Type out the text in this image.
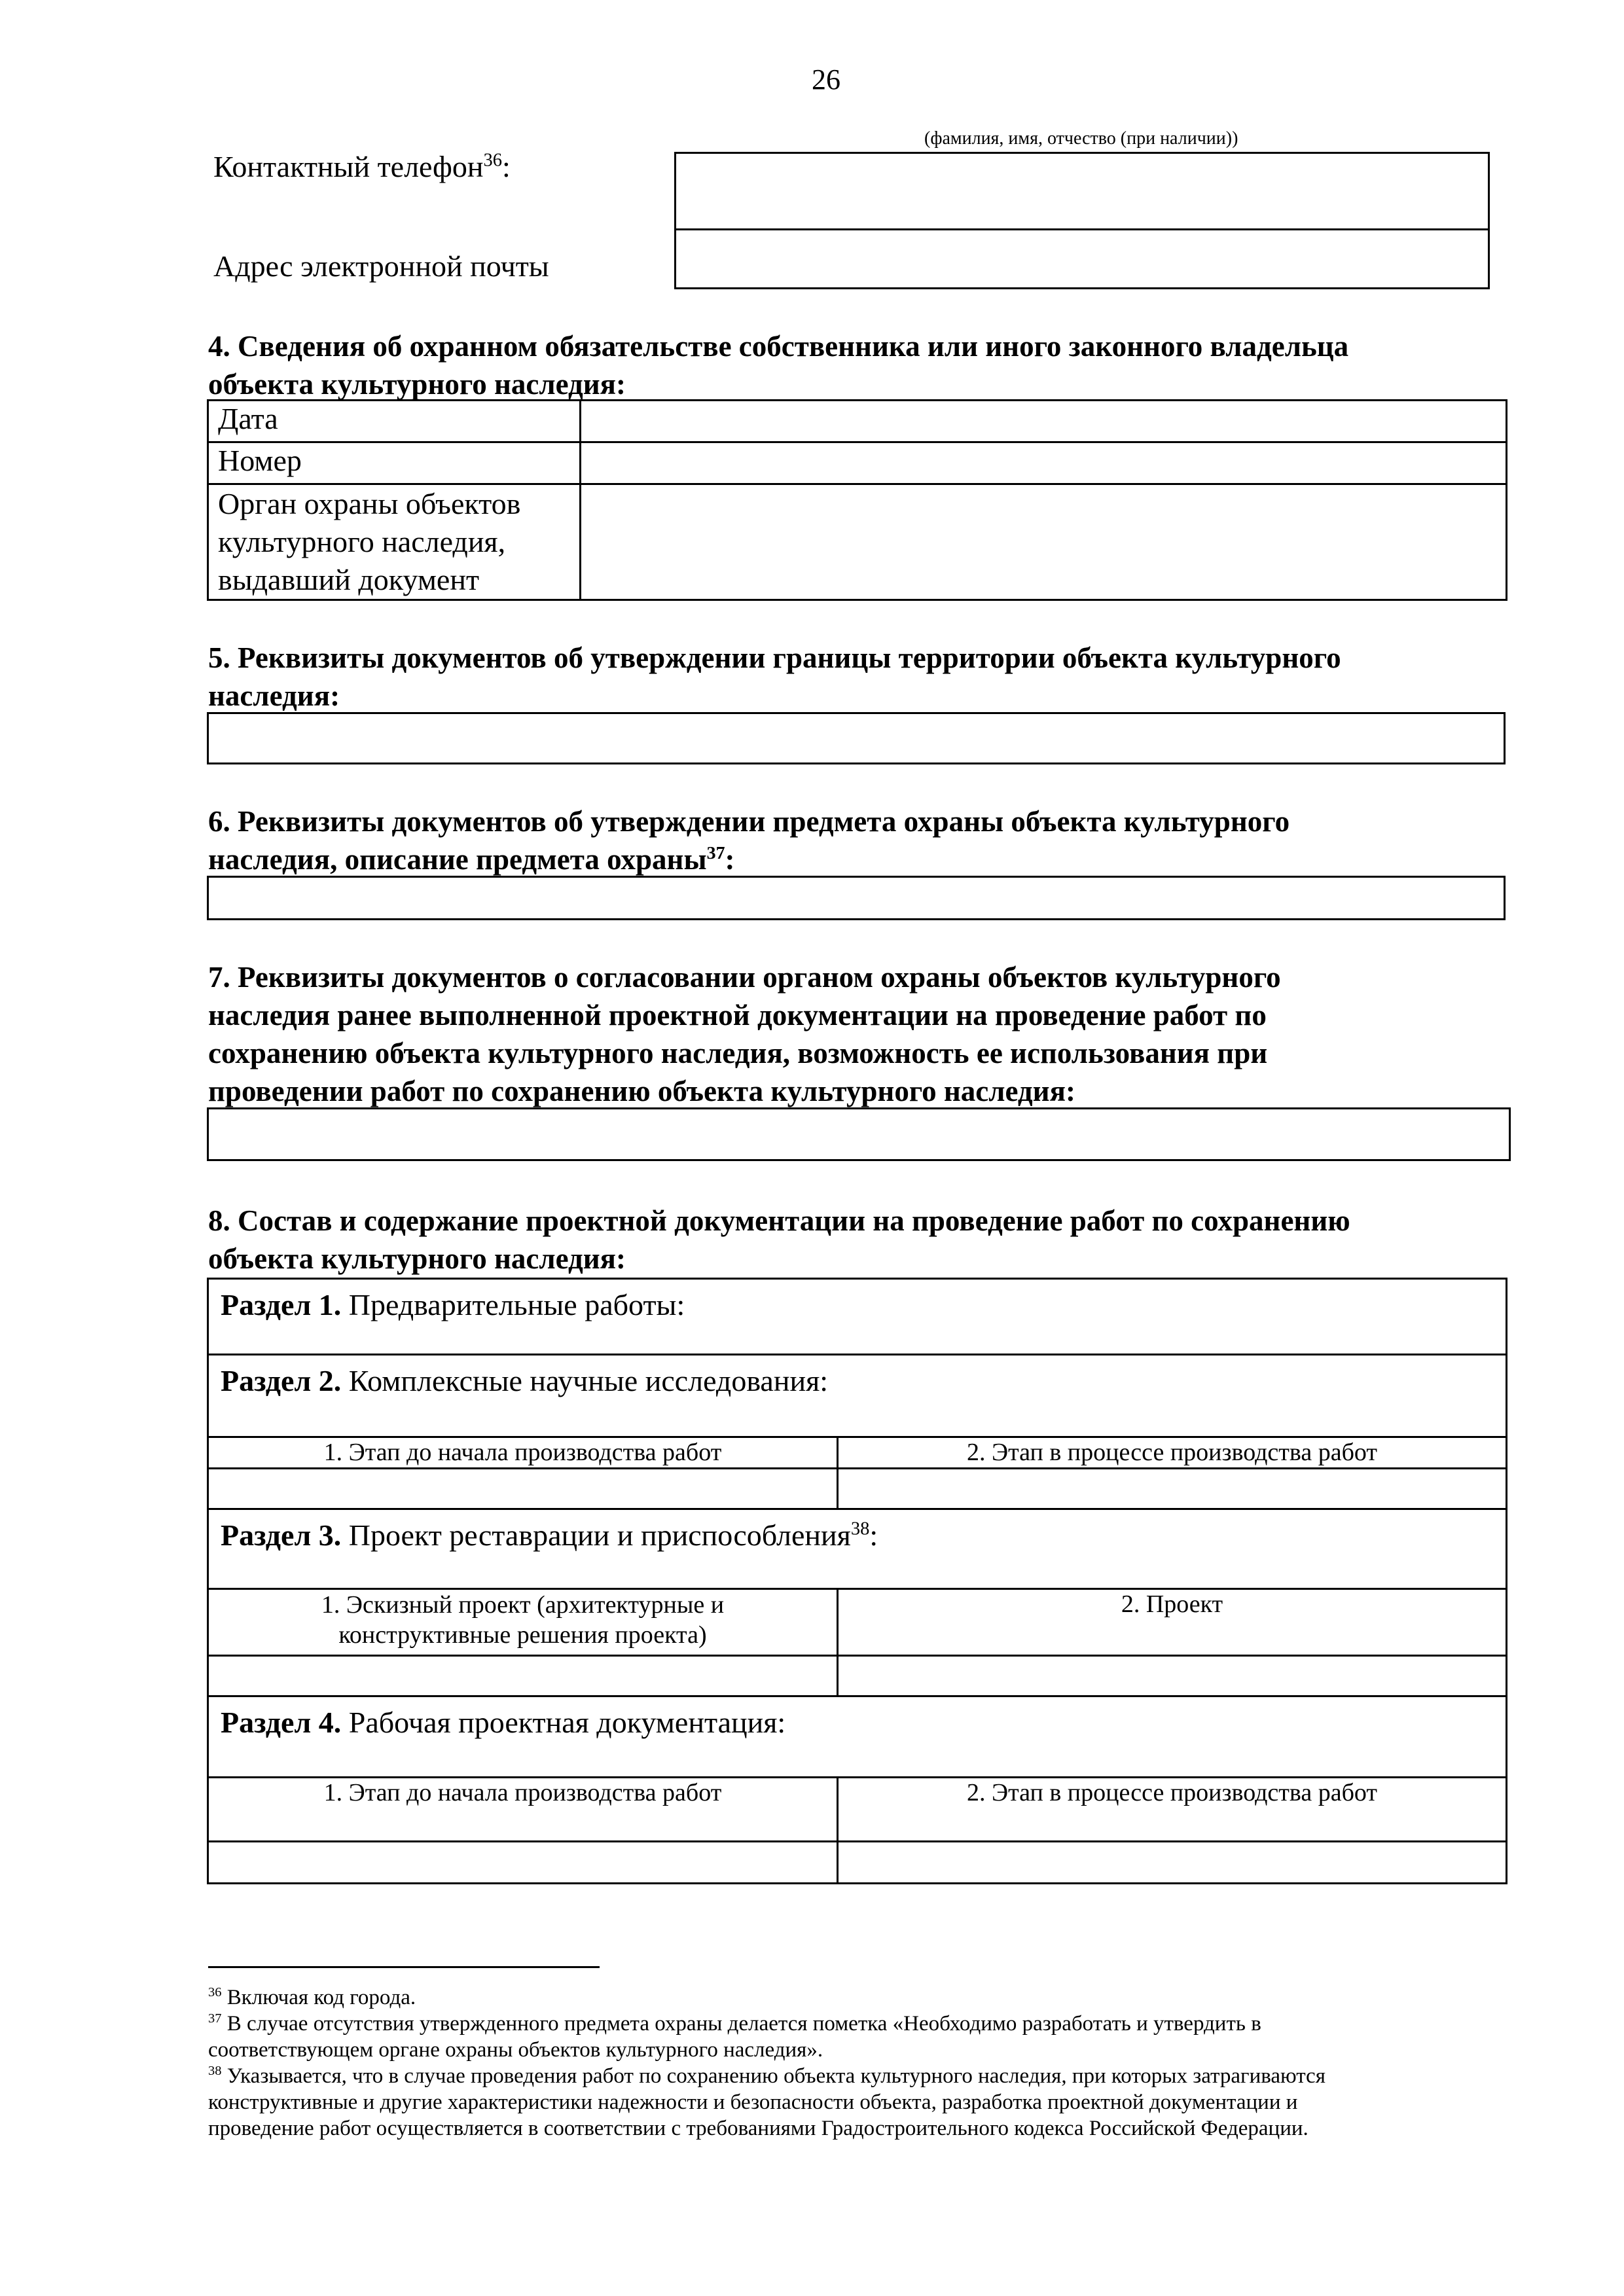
26
(фамилия, имя, отчество (при наличии))
Контактный телефон$^{36}$:
Адрес электронной почты
4. Сведения об охранном обязательстве собственника или иного законного владельца
объекта культурного наследия:
Дата	
Номер	

Орган охраны объектов
культурного наследия,
выдавший документ	

5. Реквизиты документов об утверждении границы территории объекта культурного
наследия:
6. Реквизиты документов об утверждении предмета охраны объекта культурного
наследия, описание предмета охраны$^{37}$:
7. Реквизиты документов о согласовании органом охраны объектов культурного
наследия ранее выполненной проектной документации на проведение работ по
сохранению объекта культурного наследия, возможность ее использования при
проведении работ по сохранению объекта культурного наследия:
8. Состав и содержание проектной документации на проведение работ по сохранению
объекта культурного наследия:
Раздел 1. Предварительные работы:	
Раздел 2. Комплексные научные исследования:	
1. Этап до начала производства работ	2. Этап в процессе производства работ

Раздел 3. Проект реставрации и приспособления$^{38}$:	

1. Эскизный проект (архитектурные и
конструктивные решения проекта)	2. Проект

Раздел 4. Рабочая проектная документация:	
1. Этап до начала производства работ	2. Этап в процессе производства работ

$^{36}$ Включая код города.
$^{37}$ В случае отсутствия утвержденного предмета охраны делается пометка «Необходимо разработать и утвердить в
соответствующем органе охраны объектов культурного наследия».
$^{38}$ Указывается, что в случае проведения работ по сохранению объекта культурного наследия, при которых затрагиваются
конструктивные и другие характеристики надежности и безопасности объекта, разработка проектной документации и
проведение работ осуществляется в соответствии с требованиями Градостроительного кодекса Российской Федерации.
